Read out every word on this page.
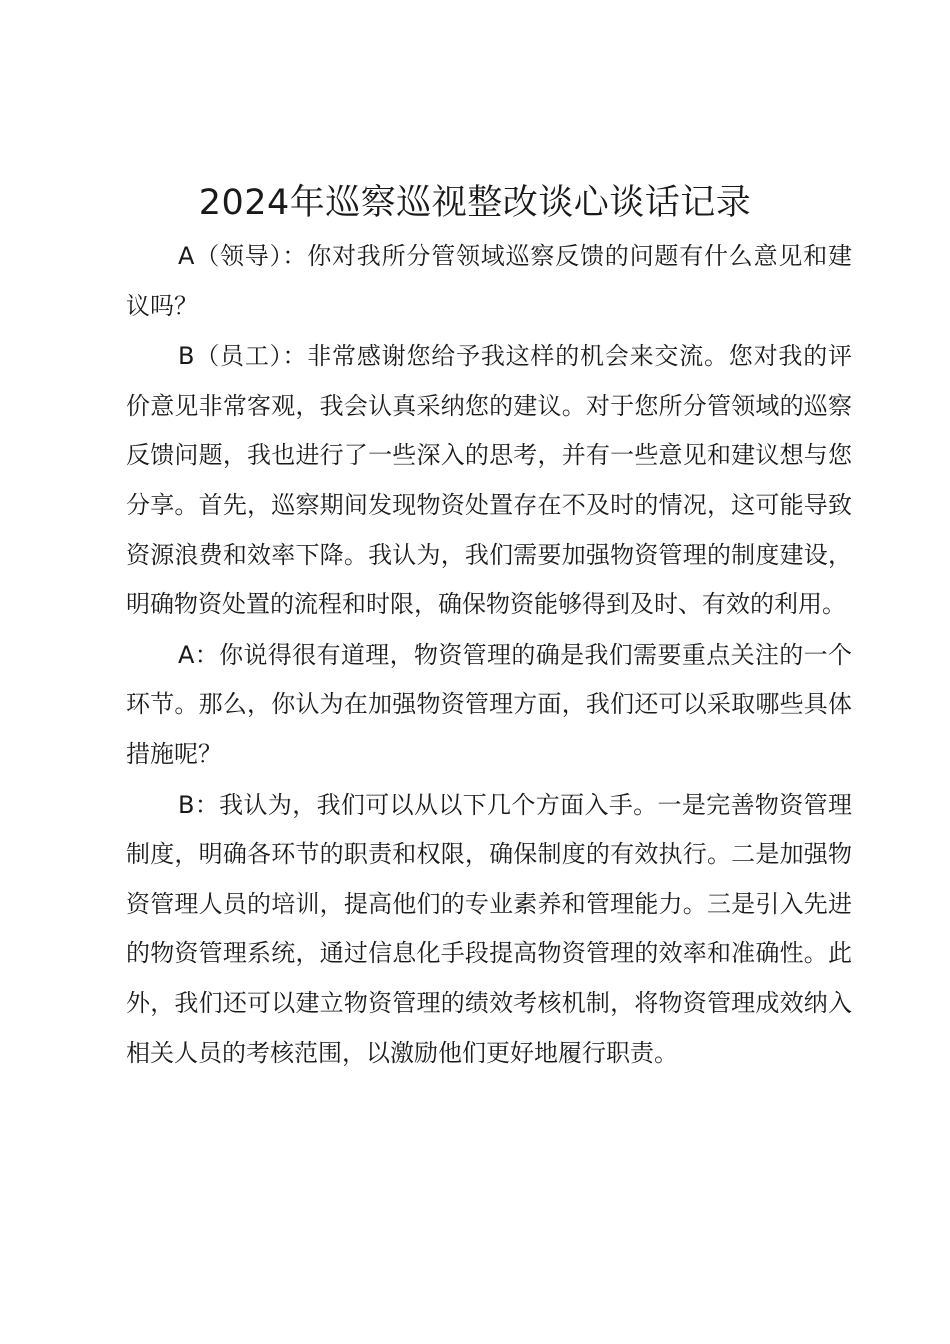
2024年巡察巡视整改谈心谈话记录

A（领导）：你对我所分管领域巡察反馈的问题有什么意见和建议吗？

B（员工）：非常感谢您给予我这样的机会来交流。您对我的评价意见非常客观，我会认真采纳您的建议。对于您所分管领域的巡察反馈问题，我也进行了一些深入的思考，并有一些意见和建议想与您分享。首先，巡察期间发现物资处置存在不及时的情况，这可能导致资源浪费和效率下降。我认为，我们需要加强物资管理的制度建设，明确物资处置的流程和时限，确保物资能够得到及时、有效的利用。

A：你说得很有道理，物资管理的确是我们需要重点关注的一个环节。那么，你认为在加强物资管理方面，我们还可以采取哪些具体措施呢？

B：我认为，我们可以从以下几个方面入手。一是完善物资管理制度，明确各环节的职责和权限，确保制度的有效执行。二是加强物资管理人员的培训，提高他们的专业素养和管理能力。三是引入先进的物资管理系统，通过信息化手段提高物资管理的效率和准确性。此外，我们还可以建立物资管理的绩效考核机制，将物资管理成效纳入相关人员的考核范围，以激励他们更好地履行职责。
